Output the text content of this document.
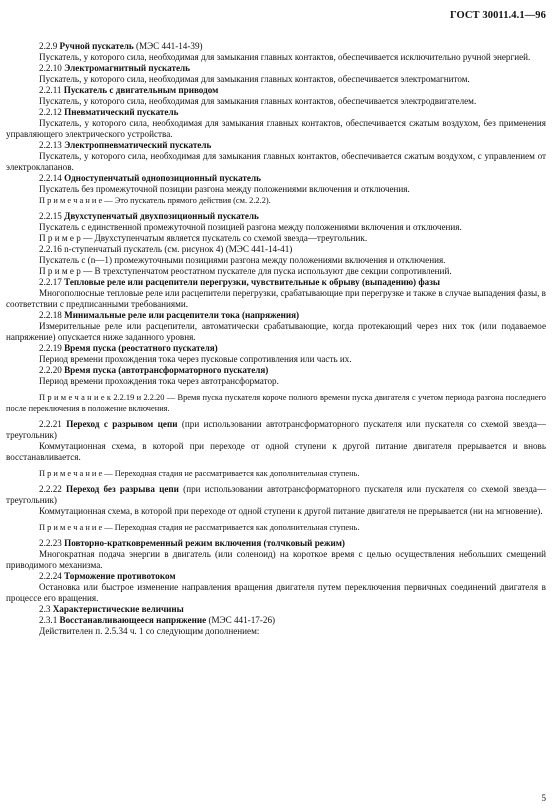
ГОСТ 30011.4.1—96

2.2.9 Ручной пускатель (МЭС 441-14-39)

Пускатель, у которого сила, необходимая для замыкания главных контактов, обеспечивается исключительно ручной энергией.

2.2.10 Электромагнитный пускатель

Пускатель, у которого сила, необходимая для замыкания главных контактов, обеспечивается электромагнитом.

2.2.11 Пускатель с двигательным приводом

Пускатель, у которого сила, необходимая для замыкания главных контактов, обеспечивается электродвигателем.

2.2.12 Пневматический пускатель

Пускатель, у которого сила, необходимая для замыкания главных контактов, обеспечивается сжатым воздухом, без применения управляющего электрического устройства.

2.2.13 Электропневматический пускатель

Пускатель, у которого сила, необходимая для замыкания главных контактов, обеспечивается сжатым воздухом, с управлением от электроклапанов.

2.2.14 Одноступенчатый однопозиционный пускатель

Пускатель без промежуточной позиции разгона между положениями включения и отключения.

П р и м е ч а н и е — Это пускатель прямого действия (см. 2.2.2).

2.2.15 Двухступенчатый двухпозиционный пускатель

Пускатель с единственной промежуточной позицией разгона между положениями включения и отключения.

П р и м е р — Двухступенчатым является пускатель со схемой звезда—треугольник.

2.2.16 n-ступенчатый пускатель (см. рисунок 4) (МЭС 441-14-41)

Пускатель с (n—1) промежуточными позициями разгона между положениями включения и отключения.

П р и м е р — В трехступенчатом реостатном пускателе для пуска используют две секции сопротивлений.

2.2.17 Тепловые реле или расцепители перегрузки, чувствительные к обрыву (выпадению) фазы

Многополюсные тепловые реле или расцепители перегрузки, срабатывающие при перегрузке и также в случае выпадения фазы, в соответствии с предписанными требованиями.

2.2.18 Минимальные реле или расцепители тока (напряжения)

Измерительные реле или расцепители, автоматически срабатывающие, когда протекающий через них ток (или подаваемое напряжение) опускается ниже заданного уровня.

2.2.19 Время пуска (реостатного пускателя)

Период времени прохождения тока через пусковые сопротивления или часть их.

2.2.20 Время пуска (автотрансформаторного пускателя)

Период времени прохождения тока через автотрансформатор.

П р и м е ч а н и е к 2.2.19 и 2.2.20 — Время пуска пускателя короче полного времени пуска двигателя с учетом периода разгона последнего после переключения в положение включения.

2.2.21 Переход с разрывом цепи (при использовании автотрансформаторного пускателя или пускателя со схемой звезда—треугольник)

Коммутационная схема, в которой при переходе от одной ступени к другой питание двигателя прерывается и вновь восстанавливается.

П р и м е ч а н и е — Переходная стадия не рассматривается как дополнительная ступень.

2.2.22 Переход без разрыва цепи (при использовании автотрансформаторного пускателя или пускателя со схемой звезда—треугольник)

Коммутационная схема, в которой при переходе от одной ступени к другой питание двигателя не прерывается (ни на мгновение).

П р и м е ч а н и е — Переходная стадия не рассматривается как дополнительная ступень.

2.2.23 Повторно-кратковременный режим включения (толчковый режим)

Многократная подача энергии в двигатель (или соленоид) на короткое время с целью осуществления небольших смещений приводимого механизма.

2.2.24 Торможение противотоком

Остановка или быстрое изменение направления вращения двигателя путем переключения первичных соединений двигателя в процессе его вращения.

2.3 Характеристические величины

2.3.1 Восстанавливающееся напряжение (МЭС 441-17-26)

Действителен п. 2.5.34 ч. 1 со следующим дополнением:

5
